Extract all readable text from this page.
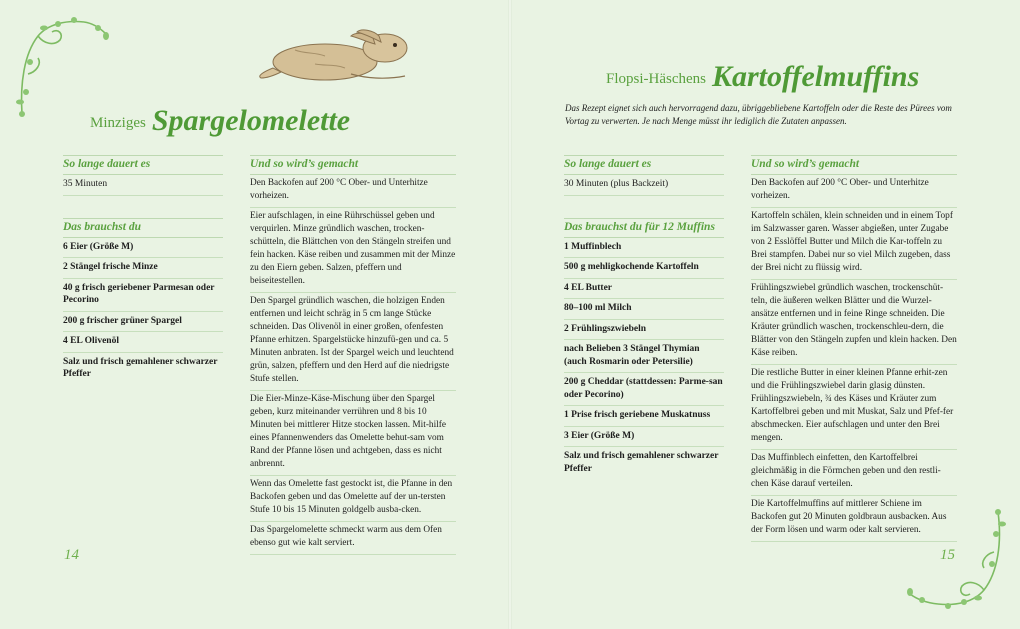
Minziges Spargelomelette
So lange dauert es
35 Minuten
Das brauchst du
6 Eier (Größe M)
2 Stängel frische Minze
40 g frisch geriebener Parmesan oder Pecorino
200 g frischer grüner Spargel
4 EL Olivenöl
Salz und frisch gemahlener schwarzer Pfeffer
Und so wird’s gemacht
Den Backofen auf 200 °C Ober- und Unterhitze vorheizen.
Eier aufschlagen, in eine Rührschüssel geben und verquirlen. Minze gründlich waschen, trocken-schütteln, die Blättchen von den Stängeln streifen und fein hacken. Käse reiben und zusammen mit der Minze zu den Eiern geben. Salzen, pfeffern und beiseitestellen.
Den Spargel gründlich waschen, die holzigen Enden entfernen und leicht schräg in 5 cm lange Stücke schneiden. Das Olivenöl in einer großen, ofenfesten Pfanne erhitzen. Spargelstücke hinzufü-gen und ca. 5 Minuten anbraten. Ist der Spargel weich und leuchtend grün, salzen, pfeffern und den Herd auf die niedrigste Stufe stellen.
Die Eier-Minze-Käse-Mischung über den Spargel geben, kurz miteinander verrühren und 8 bis 10 Minuten bei mittlerer Hitze stocken lassen. Mit-hilfe eines Pfannenwenders das Omelette behut-sam vom Rand der Pfanne lösen und achtgeben, dass es nicht anbrennt.
Wenn das Omelette fast gestockt ist, die Pfanne in den Backofen geben und das Omelette auf der un-tersten Stufe 10 bis 15 Minuten goldgelb ausba-cken.
Das Spargelomelette schmeckt warm aus dem Ofen ebenso gut wie kalt serviert.
14
Flopsi-Häschens Kartoffelmuffins
Das Rezept eignet sich auch hervorragend dazu, übriggebliebene Kartoffeln oder die Reste des Pürees vom Vortag zu verwerten. Je nach Menge müsst ihr lediglich die Zutaten anpassen.
So lange dauert es
30 Minuten (plus Backzeit)
Das brauchst du für 12 Muffins
1 Muffinblech
500 g mehligkochende Kartoffeln
4 EL Butter
80–100 ml Milch
2 Frühlingszwiebeln
nach Belieben 3 Stängel Thymian (auch Rosmarin oder Petersilie)
200 g Cheddar (stattdessen: Parme-san oder Pecorino)
1 Prise frisch geriebene Muskatnuss
3 Eier (Größe M)
Salz und frisch gemahlener schwarzer Pfeffer
Und so wird’s gemacht
Den Backofen auf 200 °C Ober- und Unterhitze vorheizen.
Kartoffeln schälen, klein schneiden und in einem Topf im Salzwasser garen. Wasser abgießen, unter Zugabe von 2 Esslöffel Butter und Milch die Kar-toffeln zu Brei stampfen. Dabei nur so viel Milch zugeben, dass der Brei nicht zu flüssig wird.
Frühlingszwiebel gründlich waschen, trockenschüt-teln, die äußeren welken Blätter und die Wurzel-ansätze entfernen und in feine Ringe schneiden. Die Kräuter gründlich waschen, trockenschleu-dern, die Blätter von den Stängeln zupfen und klein hacken. Den Käse reiben.
Die restliche Butter in einer kleinen Pfanne erhit-zen und die Frühlingszwiebel darin glasig dünsten. Frühlingszwiebeln, ¾ des Käses und Kräuter zum Kartoffelbrei geben und mit Muskat, Salz und Pfef-fer abschmecken. Eier aufschlagen und unter den Brei mengen.
Das Muffinblech einfetten, den Kartoffelbrei gleichmäßig in die Förmchen geben und den restli-chen Käse darauf verteilen.
Die Kartoffelmuffins auf mittlerer Schiene im Backofen gut 20 Minuten goldbraun ausbacken. Aus der Form lösen und warm oder kalt servieren.
15
